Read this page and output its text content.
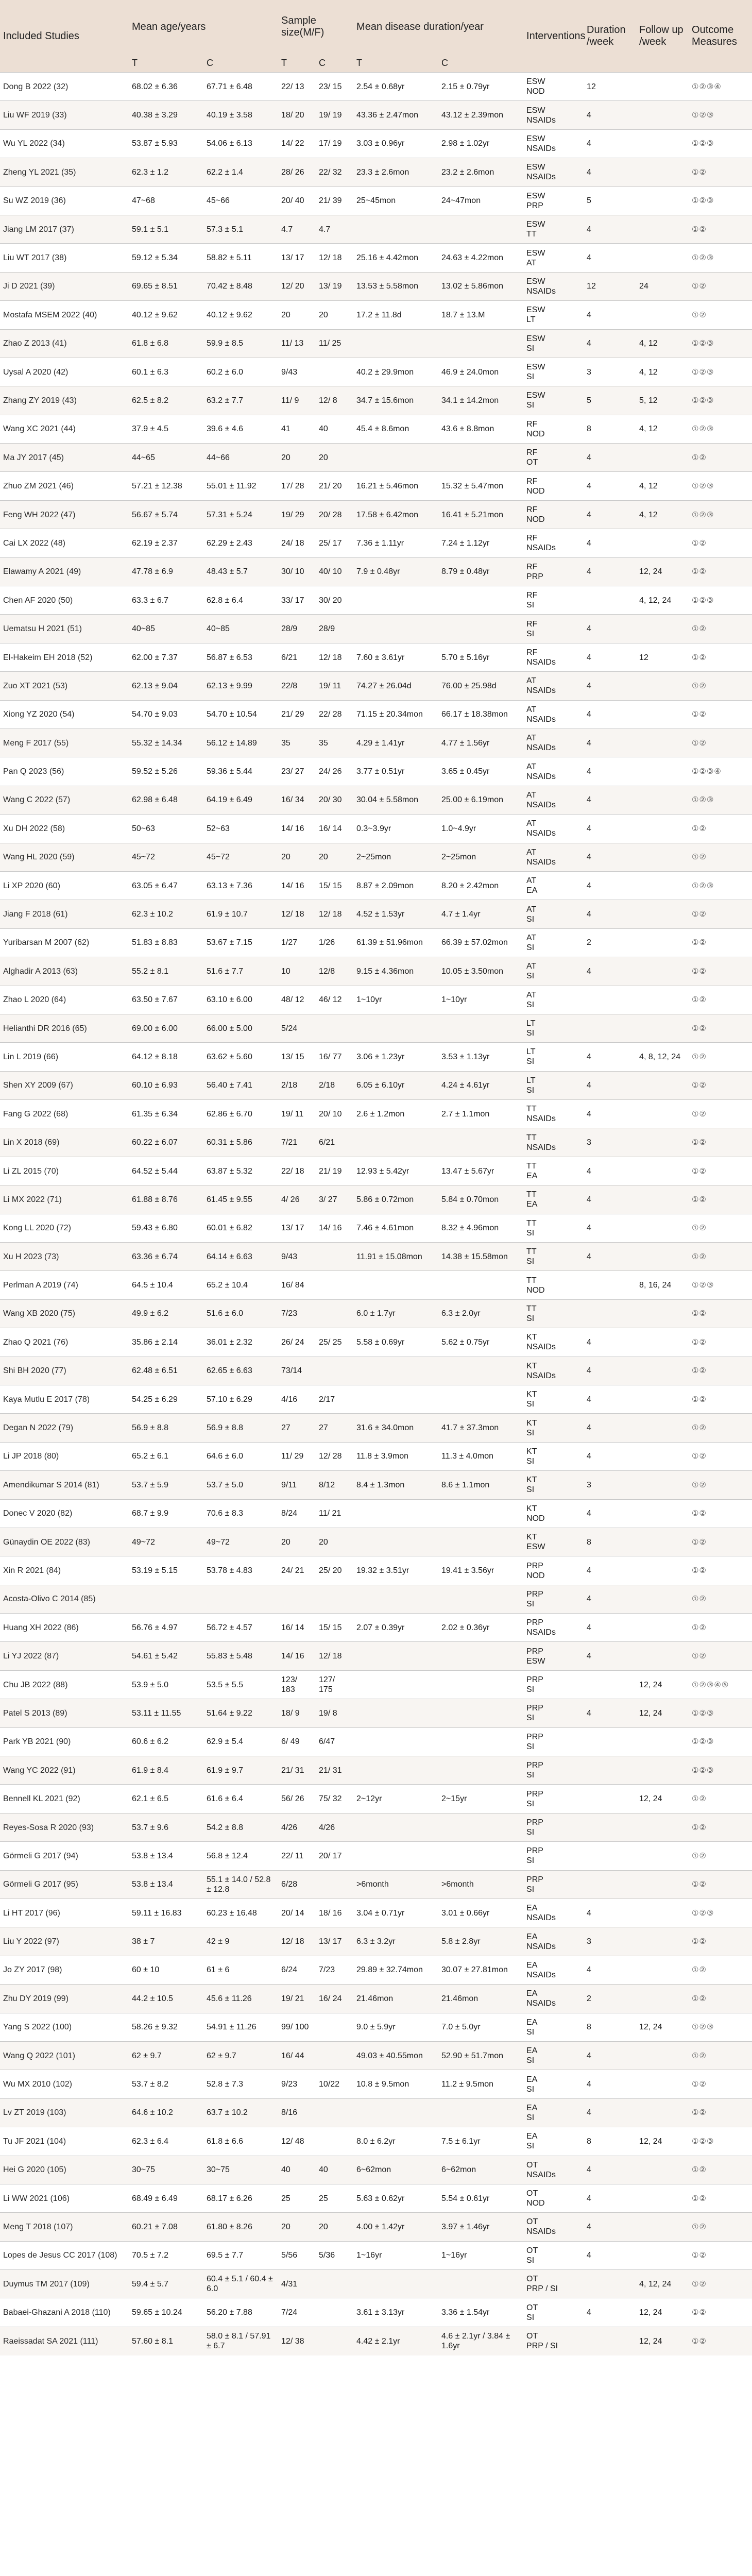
Included Studies	Mean age/years		Sample size(M/F)		Mean disease duration/year		Interventions	Duration /week	Follow up /week	Outcome Measures
	T	C	T	C	T	C				
Dong B 2022 (32)	68.02 ± 6.36	67.71 ± 6.48	22/ 13	23/ 15	2.54 ± 0.68yr	2.15 ± 0.79yr	ESW
NOD	12		①②③④
Liu WF 2019 (33)	40.38 ± 3.29	40.19 ± 3.58	18/ 20	19/ 19	43.36 ± 2.47mon	43.12 ± 2.39mon	ESW
NSAIDs	4		①②③
Wu YL 2022 (34)	53.87 ± 5.93	54.06 ± 6.13	14/ 22	17/ 19	3.03 ± 0.96yr	2.98 ± 1.02yr	ESW
NSAIDs	4		①②③
Zheng YL 2021 (35)	62.3 ± 1.2	62.2 ± 1.4	28/ 26	22/ 32	23.3 ± 2.6mon	23.2 ± 2.6mon	ESW
NSAIDs	4		①②
Su WZ 2019 (36)	47~68	45~66	20/ 40	21/ 39	25~45mon	24~47mon	ESW
PRP	5		①②③
Jiang LM 2017 (37)	59.1 ± 5.1	57.3 ± 5.1	4.7	4.7			ESW
TT	4		①②
Liu WT 2017 (38)	59.12 ± 5.34	58.82 ± 5.11	13/ 17	12/ 18	25.16 ± 4.42mon	24.63 ± 4.22mon	ESW
AT	4		①②③
Ji D 2021 (39)	69.65 ± 8.51	70.42 ± 8.48	12/ 20	13/ 19	13.53 ± 5.58mon	13.02 ± 5.86mon	ESW
NSAIDs	12	24	①②
Mostafa MSEM 2022 (40)	40.12 ± 9.62	40.12 ± 9.62	20	20	17.2 ± 11.8d	18.7 ± 13.M	ESW
LT	4		①②
Zhao Z 2013 (41)	61.8 ± 6.8	59.9 ± 8.5	11/ 13	11/ 25			ESW
SI	4	4, 12	①②③
Uysal A 2020 (42)	60.1 ± 6.3	60.2 ± 6.0	9/43		40.2 ± 29.9mon	46.9 ± 24.0mon	ESW
SI	3	4, 12	①②③
Zhang ZY 2019 (43)	62.5 ± 8.2	63.2 ± 7.7	11/ 9	12/ 8	34.7 ± 15.6mon	34.1 ± 14.2mon	ESW
SI	5	5, 12	①②③
Wang XC 2021 (44)	37.9 ± 4.5	39.6 ± 4.6	41	40	45.4 ± 8.6mon	43.6 ± 8.8mon	RF
NOD	8	4, 12	①②③
Ma JY 2017 (45)	44~65	44~66	20	20			RF
OT	4		①②
Zhuo ZM 2021 (46)	57.21 ± 12.38	55.01 ± 11.92	17/ 28	21/ 20	16.21 ± 5.46mon	15.32 ± 5.47mon	RF
NOD	4	4, 12	①②③
Feng WH 2022 (47)	56.67 ± 5.74	57.31 ± 5.24	19/ 29	20/ 28	17.58 ± 6.42mon	16.41 ± 5.21mon	RF
NOD	4	4, 12	①②③
Cai LX 2022 (48)	62.19 ± 2.37	62.29 ± 2.43	24/ 18	25/ 17	7.36 ± 1.11yr	7.24 ± 1.12yr	RF
NSAIDs	4		①②
Elawamy A 2021 (49)	47.78 ± 6.9	48.43 ± 5.7	30/ 10	40/ 10	7.9 ± 0.48yr	8.79 ± 0.48yr	RF
PRP	4	12, 24	①②
Chen AF 2020 (50)	63.3 ± 6.7	62.8 ± 6.4	33/ 17	30/ 20			RF
SI		4, 12, 24	①②③
Uematsu H 2021 (51)	40~85	40~85	28/9	28/9			RF
SI	4		①②
El-Hakeim EH 2018 (52)	62.00 ± 7.37	56.87 ± 6.53	6/21	12/ 18	7.60 ± 3.61yr	5.70 ± 5.16yr	RF
NSAIDs	4	12	①②
Zuo XT 2021 (53)	62.13 ± 9.04	62.13 ± 9.99	22/8	19/ 11	74.27 ± 26.04d	76.00 ± 25.98d	AT
NSAIDs	4		①②
Xiong YZ 2020 (54)	54.70 ± 9.03	54.70 ± 10.54	21/ 29	22/ 28	71.15 ± 20.34mon	66.17 ± 18.38mon	AT
NSAIDs	4		①②
Meng F 2017 (55)	55.32 ± 14.34	56.12 ± 14.89	35	35	4.29 ± 1.41yr	4.77 ± 1.56yr	AT
NSAIDs	4		①②
Pan Q 2023 (56)	59.52 ± 5.26	59.36 ± 5.44	23/ 27	24/ 26	3.77 ± 0.51yr	3.65 ± 0.45yr	AT
NSAIDs	4		①②③④
Wang C 2022 (57)	62.98 ± 6.48	64.19 ± 6.49	16/ 34	20/ 30	30.04 ± 5.58mon	25.00 ± 6.19mon	AT
NSAIDs	4		①②③
Xu DH 2022 (58)	50~63	52~63	14/ 16	16/ 14	0.3~3.9yr	1.0~4.9yr	AT
NSAIDs	4		①②
Wang HL 2020 (59)	45~72	45~72	20	20	2~25mon	2~25mon	AT
NSAIDs	4		①②
Li XP 2020 (60)	63.05 ± 6.47	63.13 ± 7.36	14/ 16	15/ 15	8.87 ± 2.09mon	8.20 ± 2.42mon	AT
EA	4		①②③
Jiang F 2018 (61)	62.3 ± 10.2	61.9 ± 10.7	12/ 18	12/ 18	4.52 ± 1.53yr	4.7 ± 1.4yr	AT
SI	4		①②
Yuribarsan M 2007 (62)	51.83 ± 8.83	53.67 ± 7.15	1/27	1/26	61.39 ± 51.96mon	66.39 ± 57.02mon	AT
SI	2		①②
Alghadir A 2013 (63)	55.2 ± 8.1	51.6 ± 7.7	10	12/8	9.15 ± 4.36mon	10.05 ± 3.50mon	AT
SI	4		①②
Zhao L 2020 (64)	63.50 ± 7.67	63.10 ± 6.00	48/ 12	46/ 12	1~10yr	1~10yr	AT
SI			①②
Helianthi DR 2016 (65)	69.00 ± 6.00	66.00 ± 5.00	5/24				LT
SI			①②
Lin L 2019 (66)	64.12 ± 8.18	63.62 ± 5.60	13/ 15	16/ 77	3.06 ± 1.23yr	3.53 ± 1.13yr	LT
SI	4	4, 8, 12, 24	①②
Shen XY 2009 (67)	60.10 ± 6.93	56.40 ± 7.41	2/18	2/18	6.05 ± 6.10yr	4.24 ± 4.61yr	LT
SI	4		①②
Fang G 2022 (68)	61.35 ± 6.34	62.86 ± 6.70	19/ 11	20/ 10	2.6 ± 1.2mon	2.7 ± 1.1mon	TT
NSAIDs	4		①②
Lin X 2018 (69)	60.22 ± 6.07	60.31 ± 5.86	7/21	6/21			TT
NSAIDs	3		①②
Li ZL 2015 (70)	64.52 ± 5.44	63.87 ± 5.32	22/ 18	21/ 19	12.93 ± 5.42yr	13.47 ± 5.67yr	TT
EA	4		①②
Li MX 2022 (71)	61.88 ± 8.76	61.45 ± 9.55	4/ 26	3/ 27	5.86 ± 0.72mon	5.84 ± 0.70mon	TT
EA	4		①②
Kong LL 2020 (72)	59.43 ± 6.80	60.01 ± 6.82	13/ 17	14/ 16	7.46 ± 4.61mon	8.32 ± 4.96mon	TT
SI	4		①②
Xu H 2023 (73)	63.36 ± 6.74	64.14 ± 6.63	9/43		11.91 ± 15.08mon	14.38 ± 15.58mon	TT
SI	4		①②
Perlman A 2019 (74)	64.5 ± 10.4	65.2 ± 10.4	16/ 84				TT
NOD		8, 16, 24	①②③
Wang XB 2020 (75)	49.9 ± 6.2	51.6 ± 6.0	7/23		6.0 ± 1.7yr	6.3 ± 2.0yr	TT
SI			①②
Zhao Q 2021 (76)	35.86 ± 2.14	36.01 ± 2.32	26/ 24	25/ 25	5.58 ± 0.69yr	5.62 ± 0.75yr	KT
NSAIDs	4		①②
Shi BH 2020 (77)	62.48 ± 6.51	62.65 ± 6.63	73/14				KT
NSAIDs	4		①②
Kaya Mutlu E 2017 (78)	54.25 ± 6.29	57.10 ± 6.29	4/16	2/17			KT
SI	4		①②
Degan N 2022 (79)	56.9 ± 8.8	56.9 ± 8.8	27	27	31.6 ± 34.0mon	41.7 ± 37.3mon	KT
SI	4		①②
Li JP 2018 (80)	65.2 ± 6.1	64.6 ± 6.0	11/ 29	12/ 28	11.8 ± 3.9mon	11.3 ± 4.0mon	KT
SI	4		①②
Amendikumar S 2014 (81)	53.7 ± 5.9	53.7 ± 5.0	9/11	8/12	8.4 ± 1.3mon	8.6 ± 1.1mon	KT
SI	3		①②
Donec V 2020 (82)	68.7 ± 9.9	70.6 ± 8.3	8/24	11/ 21			KT
NOD	4		①②
Günaydin OE 2022 (83)	49~72	49~72	20	20			KT
ESW	8		①②
Xin R 2021 (84)	53.19 ± 5.15	53.78 ± 4.83	24/ 21	25/ 20	19.32 ± 3.51yr	19.41 ± 3.56yr	PRP
NOD	4		①②
Acosta-Olivo C 2014 (85)							PRP
SI	4		①②
Huang XH 2022 (86)	56.76 ± 4.97	56.72 ± 4.57	16/ 14	15/ 15	2.07 ± 0.39yr	2.02 ± 0.36yr	PRP
NSAIDs	4		①②
Li YJ 2022 (87)	54.61 ± 5.42	55.83 ± 5.48	14/ 16	12/ 18			PRP
ESW	4		①②
Chu JB 2022 (88)	53.9 ± 5.0	53.5 ± 5.5	123/ 183	127/ 175			PRP
SI		12, 24	①②③④⑤
Patel S 2013 (89)	53.11 ± 11.55	51.64 ± 9.22	18/ 9	19/ 8			PRP
SI	4	12, 24	①②③
Park YB 2021 (90)	60.6 ± 6.2	62.9 ± 5.4	6/ 49	6/47			PRP
SI			①②③
Wang YC 2022 (91)	61.9 ± 8.4	61.9 ± 9.7	21/ 31	21/ 31			PRP
SI			①②③
Bennell KL 2021 (92)	62.1 ± 6.5	61.6 ± 6.4	56/ 26	75/ 32	2~12yr	2~15yr	PRP
SI		12, 24	①②
Reyes-Sosa R 2020 (93)	53.7 ± 9.6	54.2 ± 8.8	4/26	4/26			PRP
SI			①②
Görmeli G 2017 (94)	53.8 ± 13.4	56.8 ± 12.4	22/ 11	20/ 17			PRP
SI			①②
Görmeli G 2017 (95)	53.8 ± 13.4	55.1 ± 14.0 / 52.8 ± 12.8	6/28		>6month	>6month	PRP
SI			①②
Li HT 2017 (96)	59.11 ± 16.83	60.23 ± 16.48	20/ 14	18/ 16	3.04 ± 0.71yr	3.01 ± 0.66yr	EA
NSAIDs	4		①②③
Liu Y 2022 (97)	38 ± 7	42 ± 9	12/ 18	13/ 17	6.3 ± 3.2yr	5.8 ± 2.8yr	EA
NSAIDs	3		①②
Jo ZY 2017 (98)	60 ± 10	61 ± 6	6/24	7/23	29.89 ± 32.74mon	30.07 ± 27.81mon	EA
NSAIDs	4		①②
Zhu DY 2019 (99)	44.2 ± 10.5	45.6 ± 11.26	19/ 21	16/ 24	21.46mon	21.46mon	EA
NSAIDs	2		①②
Yang S 2022 (100)	58.26 ± 9.32	54.91 ± 11.26	99/ 100		9.0 ± 5.9yr	7.0 ± 5.0yr	EA
SI	8	12, 24	①②③
Wang Q 2022 (101)	62 ± 9.7	62 ± 9.7	16/ 44		49.03 ± 40.55mon	52.90 ± 51.7mon	EA
SI	4		①②
Wu MX 2010 (102)	53.7 ± 8.2	52.8 ± 7.3	9/23	10/22	10.8 ± 9.5mon	11.2 ± 9.5mon	EA
SI	4		①②
Lv ZT 2019 (103)	64.6 ± 10.2	63.7 ± 10.2	8/16				EA
SI	4		①②
Tu JF 2021 (104)	62.3 ± 6.4	61.8 ± 6.6	12/ 48		8.0 ± 6.2yr	7.5 ± 6.1yr	EA
SI	8	12, 24	①②③
Hei G 2020 (105)	30~75	30~75	40	40	6~62mon	6~62mon	OT
NSAIDs	4		①②
Li WW 2021 (106)	68.49 ± 6.49	68.17 ± 6.26	25	25	5.63 ± 0.62yr	5.54 ± 0.61yr	OT
NOD	4		①②
Meng T 2018 (107)	60.21 ± 7.08	61.80 ± 8.26	20	20	4.00 ± 1.42yr	3.97 ± 1.46yr	OT
NSAIDs	4		①②
Lopes de Jesus CC 2017 (108)	70.5 ± 7.2	69.5 ± 7.7	5/56	5/36	1~16yr	1~16yr	OT
SI	4		①②
Duymus TM 2017 (109)	59.4 ± 5.7	60.4 ± 5.1 / 60.4 ± 6.0	4/31				OT
PRP / SI		4, 12, 24	①②
Babaei-Ghazani A 2018 (110)	59.65 ± 10.24	56.20 ± 7.88	7/24		3.61 ± 3.13yr	3.36 ± 1.54yr	OT
SI	4	12, 24	①②
Raeissadat SA 2021 (111)	57.60 ± 8.1	58.0 ± 8.1 / 57.91 ± 6.7	12/ 38		4.42 ± 2.1yr	4.6 ± 2.1yr / 3.84 ± 1.6yr	OT
PRP / SI		12, 24	①②
